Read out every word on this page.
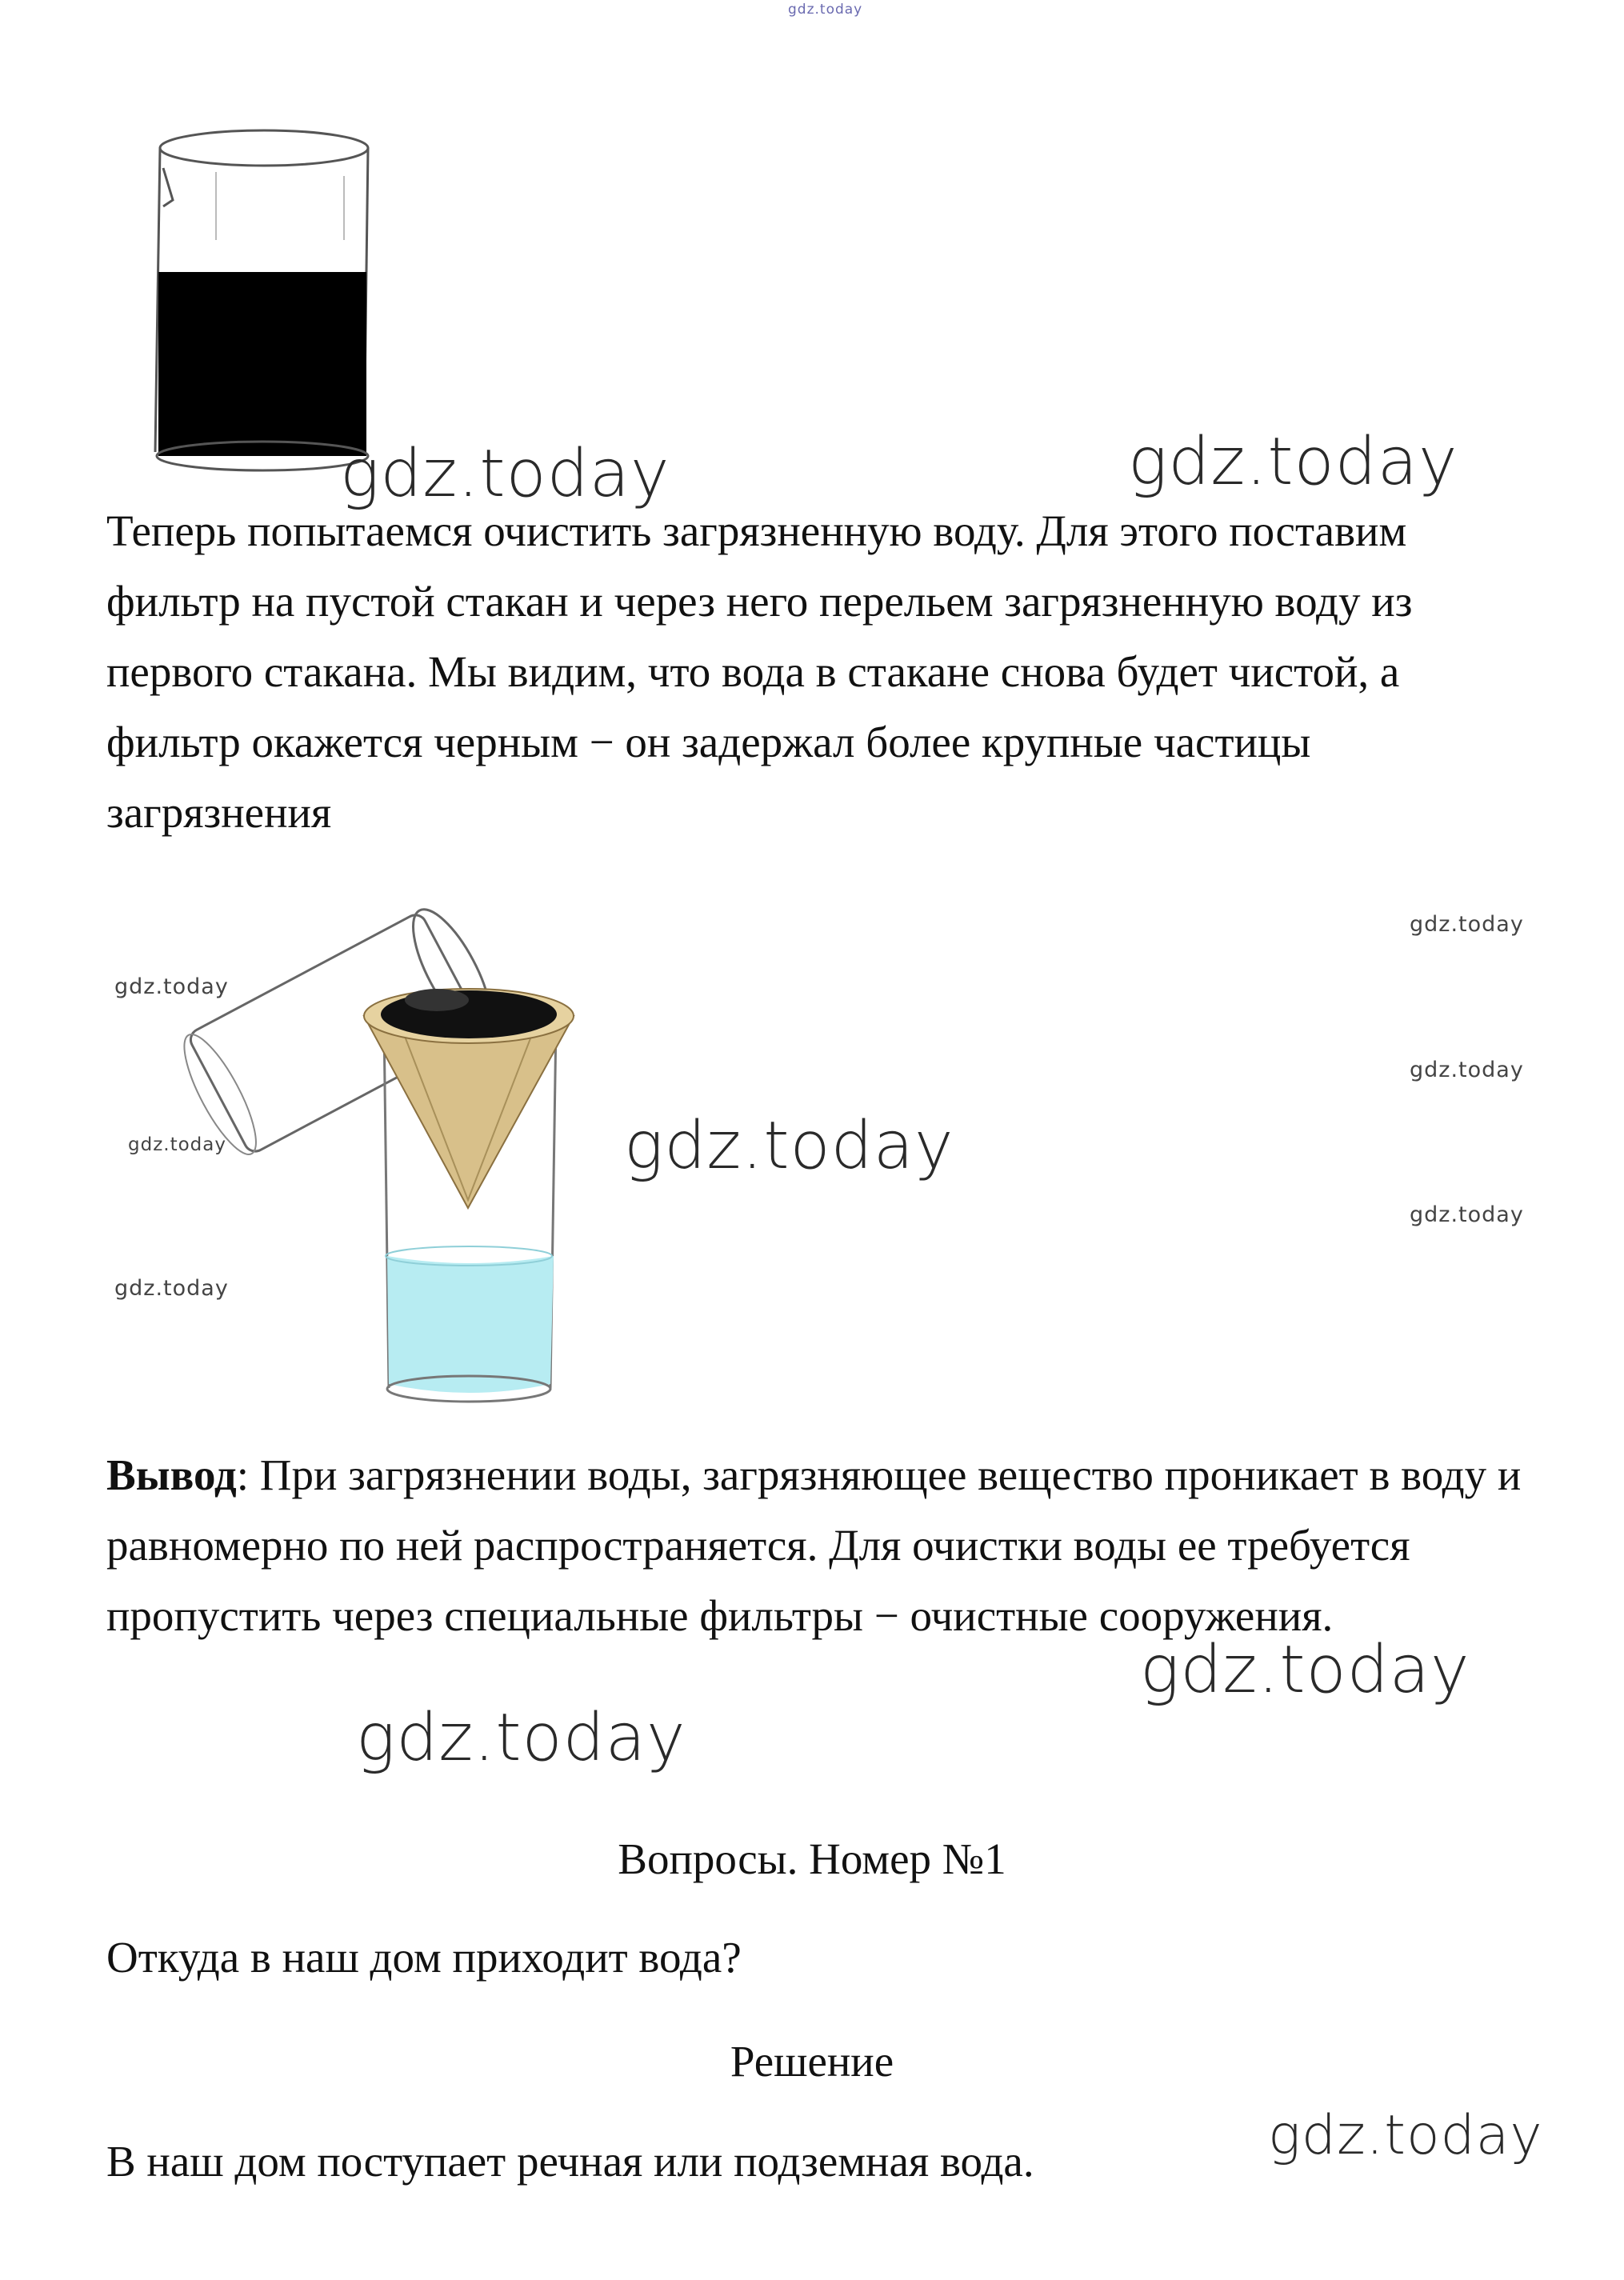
gdz.today
gdz.today	gdz.today
Теперь попытаемся очистить загрязненную воду. Для этого поставим фильтр на пустой стакан и через него перельем загрязненную воду из первого стакана. Мы видим, что вода в стакане снова будет чистой, а фильтр окажется черным − он задержал более крупные частицы загрязнения
gdz.today
gdz.today
gdz.today
gdz.today
gdz.today
gdz.today
gdz.today
Вывод: При загрязнении воды, загрязняющее вещество проникает в воду и равномерно по ней распространяется. Для очистки воды ее требуется пропустить через специальные фильтры − очистные сооружения.
gdz.today
gdz.today
Вопросы. Номер №1
Откуда в наш дом приходит вода?
Решение
gdz.today
В наш дом поступает речная или подземная вода.
